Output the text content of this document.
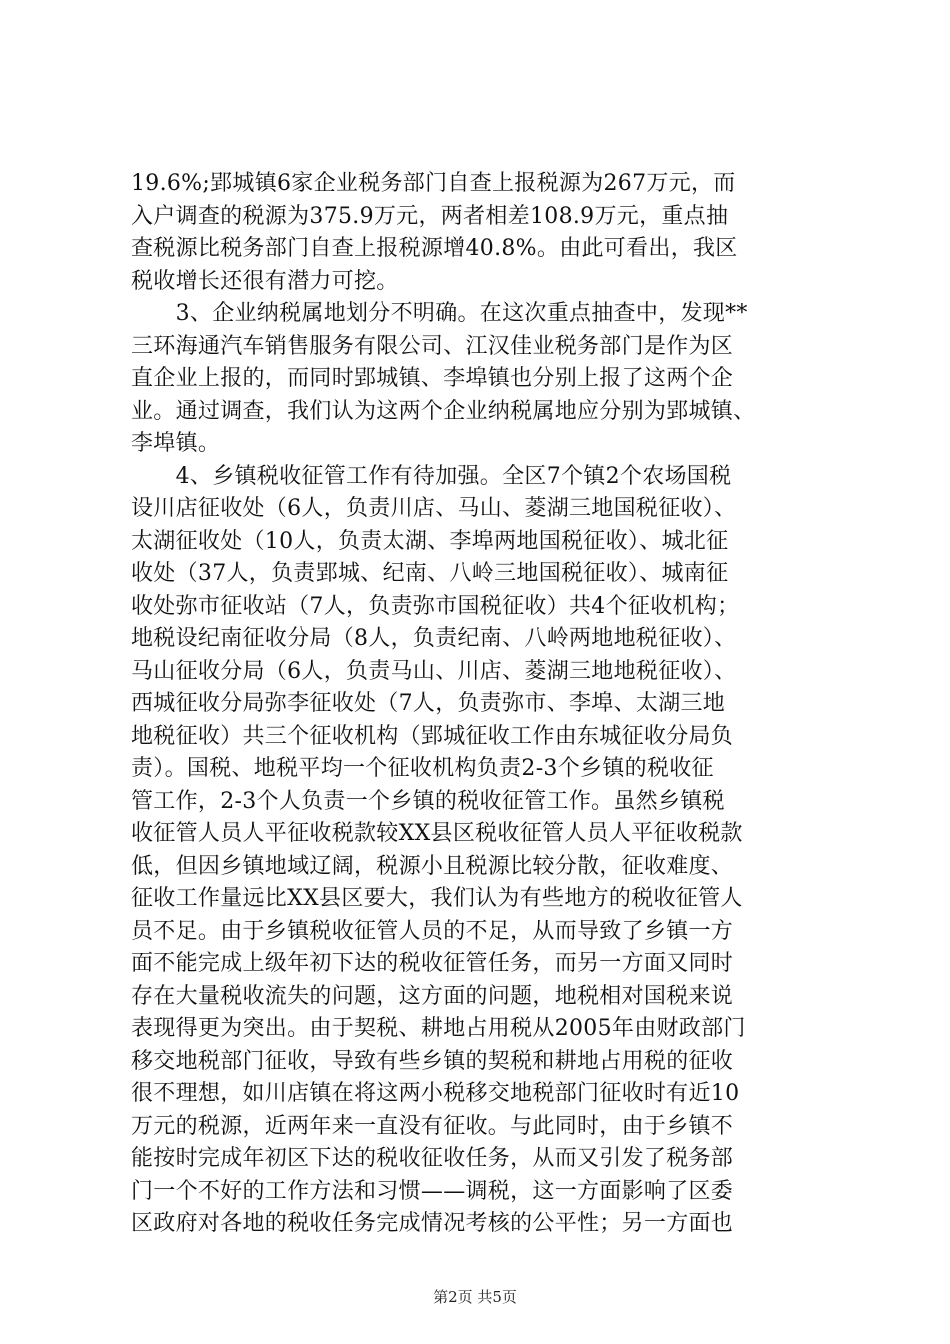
19.6%;郢城镇6家企业税务部门自查上报税源为267万元，而
入户调查的税源为375.9万元，两者相差108.9万元，重点抽
查税源比税务部门自查上报税源增40.8%。由此可看出，我区
税收增长还很有潜力可挖。
　　3、企业纳税属地划分不明确。在这次重点抽查中，发现**
三环海通汽车销售服务有限公司、江汉佳业税务部门是作为区
直企业上报的，而同时郢城镇、李埠镇也分别上报了这两个企
业。通过调查，我们认为这两个企业纳税属地应分别为郢城镇、
李埠镇。
　　4、乡镇税收征管工作有待加强。全区7个镇2个农场国税
设川店征收处（6人，负责川店、马山、菱湖三地国税征收）、
太湖征收处（10人，负责太湖、李埠两地国税征收）、城北征
收处（37人，负责郢城、纪南、八岭三地国税征收）、城南征
收处弥市征收站（7人，负责弥市国税征收）共4个征收机构；
地税设纪南征收分局（8人，负责纪南、八岭两地地税征收）、
马山征收分局（6人，负责马山、川店、菱湖三地地税征收）、
西城征收分局弥李征收处（7人，负责弥市、李埠、太湖三地
地税征收）共三个征收机构（郢城征收工作由东城征收分局负
责）。国税、地税平均一个征收机构负责2-3个乡镇的税收征
管工作，2-3个人负责一个乡镇的税收征管工作。虽然乡镇税
收征管人员人平征收税款较XX县区税收征管人员人平征收税款
低，但因乡镇地域辽阔，税源小且税源比较分散，征收难度、
征收工作量远比XX县区要大，我们认为有些地方的税收征管人
员不足。由于乡镇税收征管人员的不足，从而导致了乡镇一方
面不能完成上级年初下达的税收征管任务，而另一方面又同时
存在大量税收流失的问题，这方面的问题，地税相对国税来说
表现得更为突出。由于契税、耕地占用税从2005年由财政部门
移交地税部门征收，导致有些乡镇的契税和耕地占用税的征收
很不理想，如川店镇在将这两小税移交地税部门征收时有近10
万元的税源，近两年来一直没有征收。与此同时，由于乡镇不
能按时完成年初区下达的税收征收任务，从而又引发了税务部
门一个不好的工作方法和习惯——调税，这一方面影响了区委
区政府对各地的税收任务完成情况考核的公平性；另一方面也
第2页 共5页
